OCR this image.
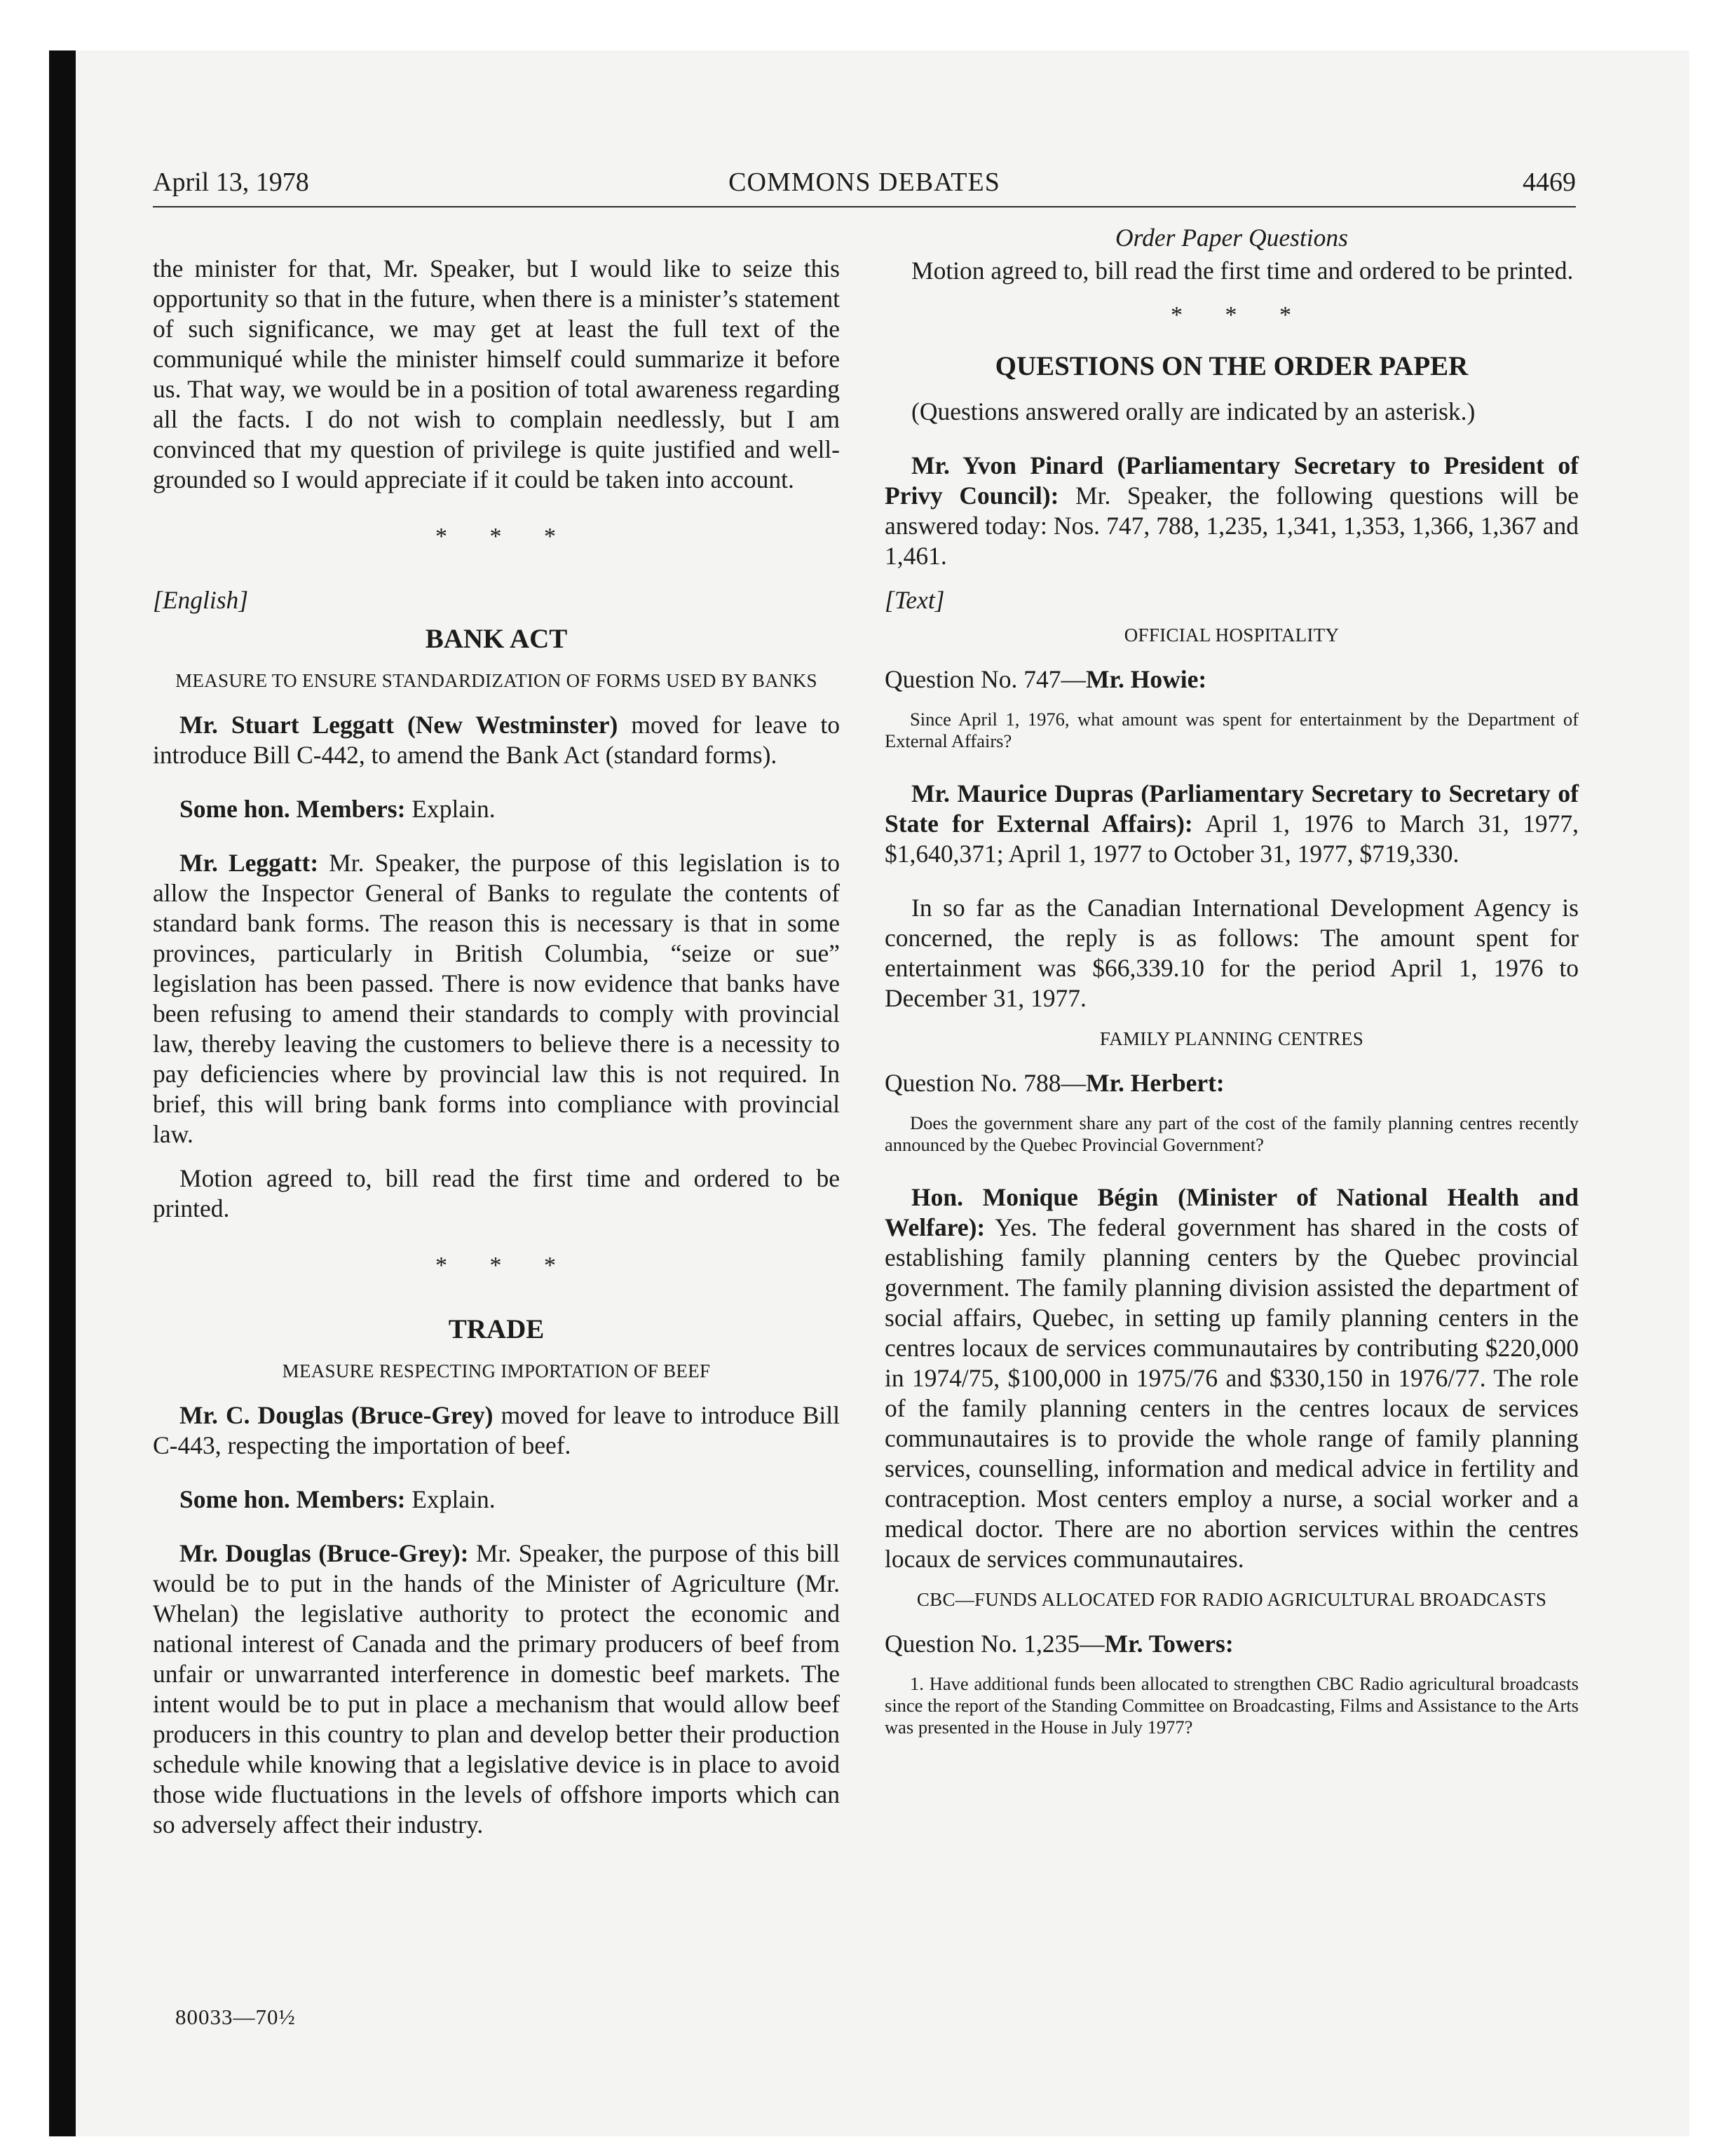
April 13, 1978	COMMONS DEBATES	4469

the minister for that, Mr. Speaker, but I would like to seize this opportunity so that in the future, when there is a minister’s statement of such significance, we may get at least the full text of the communiqué while the minister himself could summarize it before us. That way, we would be in a position of total awareness regarding all the facts. I do not wish to complain needlessly, but I am convinced that my question of privilege is quite justified and well-grounded so I would appreciate if it could be taken into account.

* * *
[English]
BANK ACT
MEASURE TO ENSURE STANDARDIZATION OF FORMS USED BY BANKS

Mr. Stuart Leggatt (New Westminster) moved for leave to introduce Bill C-442, to amend the Bank Act (standard forms).

Some hon. Members: Explain.

Mr. Leggatt: Mr. Speaker, the purpose of this legislation is to allow the Inspector General of Banks to regulate the contents of standard bank forms. The reason this is necessary is that in some provinces, particularly in British Columbia, “seize or sue” legislation has been passed. There is now evidence that banks have been refusing to amend their standards to comply with provincial law, thereby leaving the customers to believe there is a necessity to pay deficiencies where by provincial law this is not required. In brief, this will bring bank forms into compliance with provincial law.

Motion agreed to, bill read the first time and ordered to be printed.

* * *
TRADE
MEASURE RESPECTING IMPORTATION OF BEEF

Mr. C. Douglas (Bruce-Grey) moved for leave to introduce Bill C-443, respecting the importation of beef.

Some hon. Members: Explain.

Mr. Douglas (Bruce-Grey): Mr. Speaker, the purpose of this bill would be to put in the hands of the Minister of Agriculture (Mr. Whelan) the legislative authority to protect the economic and national interest of Canada and the primary producers of beef from unfair or unwarranted interference in domestic beef markets. The intent would be to put in place a mechanism that would allow beef producers in this country to plan and develop better their production schedule while knowing that a legislative device is in place to avoid those wide fluctuations in the levels of offshore imports which can so adversely affect their industry.

80033—70½
Order Paper Questions

Motion agreed to, bill read the first time and ordered to be printed.

* * *
QUESTIONS ON THE ORDER PAPER

(Questions answered orally are indicated by an asterisk.)

Mr. Yvon Pinard (Parliamentary Secretary to President of Privy Council): Mr. Speaker, the following questions will be answered today: Nos. 747, 788, 1,235, 1,341, 1,353, 1,366, 1,367 and 1,461.

[Text]
OFFICIAL HOSPITALITY
Question No. 747—Mr. Howie:
Since April 1, 1976, what amount was spent for entertainment by the Department of External Affairs?

Mr. Maurice Dupras (Parliamentary Secretary to Secretary of State for External Affairs): April 1, 1976 to March 31, 1977, $1,640,371; April 1, 1977 to October 31, 1977, $719,330.

In so far as the Canadian International Development Agency is concerned, the reply is as follows: The amount spent for entertainment was $66,339.10 for the period April 1, 1976 to December 31, 1977.

FAMILY PLANNING CENTRES
Question No. 788—Mr. Herbert:
Does the government share any part of the cost of the family planning centres recently announced by the Quebec Provincial Government?

Hon. Monique Bégin (Minister of National Health and Welfare): Yes. The federal government has shared in the costs of establishing family planning centers by the Quebec provincial government. The family planning division assisted the department of social affairs, Quebec, in setting up family planning centers in the centres locaux de services communautaires by contributing $220,000 in 1974/75, $100,000 in 1975/76 and $330,150 in 1976/77. The role of the family planning centers in the centres locaux de services communautaires is to provide the whole range of family planning services, counselling, information and medical advice in fertility and contraception. Most centers employ a nurse, a social worker and a medical doctor. There are no abortion services within the centres locaux de services communautaires.

CBC—FUNDS ALLOCATED FOR RADIO AGRICULTURAL BROADCASTS
Question No. 1,235—Mr. Towers:
1. Have additional funds been allocated to strengthen CBC Radio agricultural broadcasts since the report of the Standing Committee on Broadcasting, Films and Assistance to the Arts was presented in the House in July 1977?
